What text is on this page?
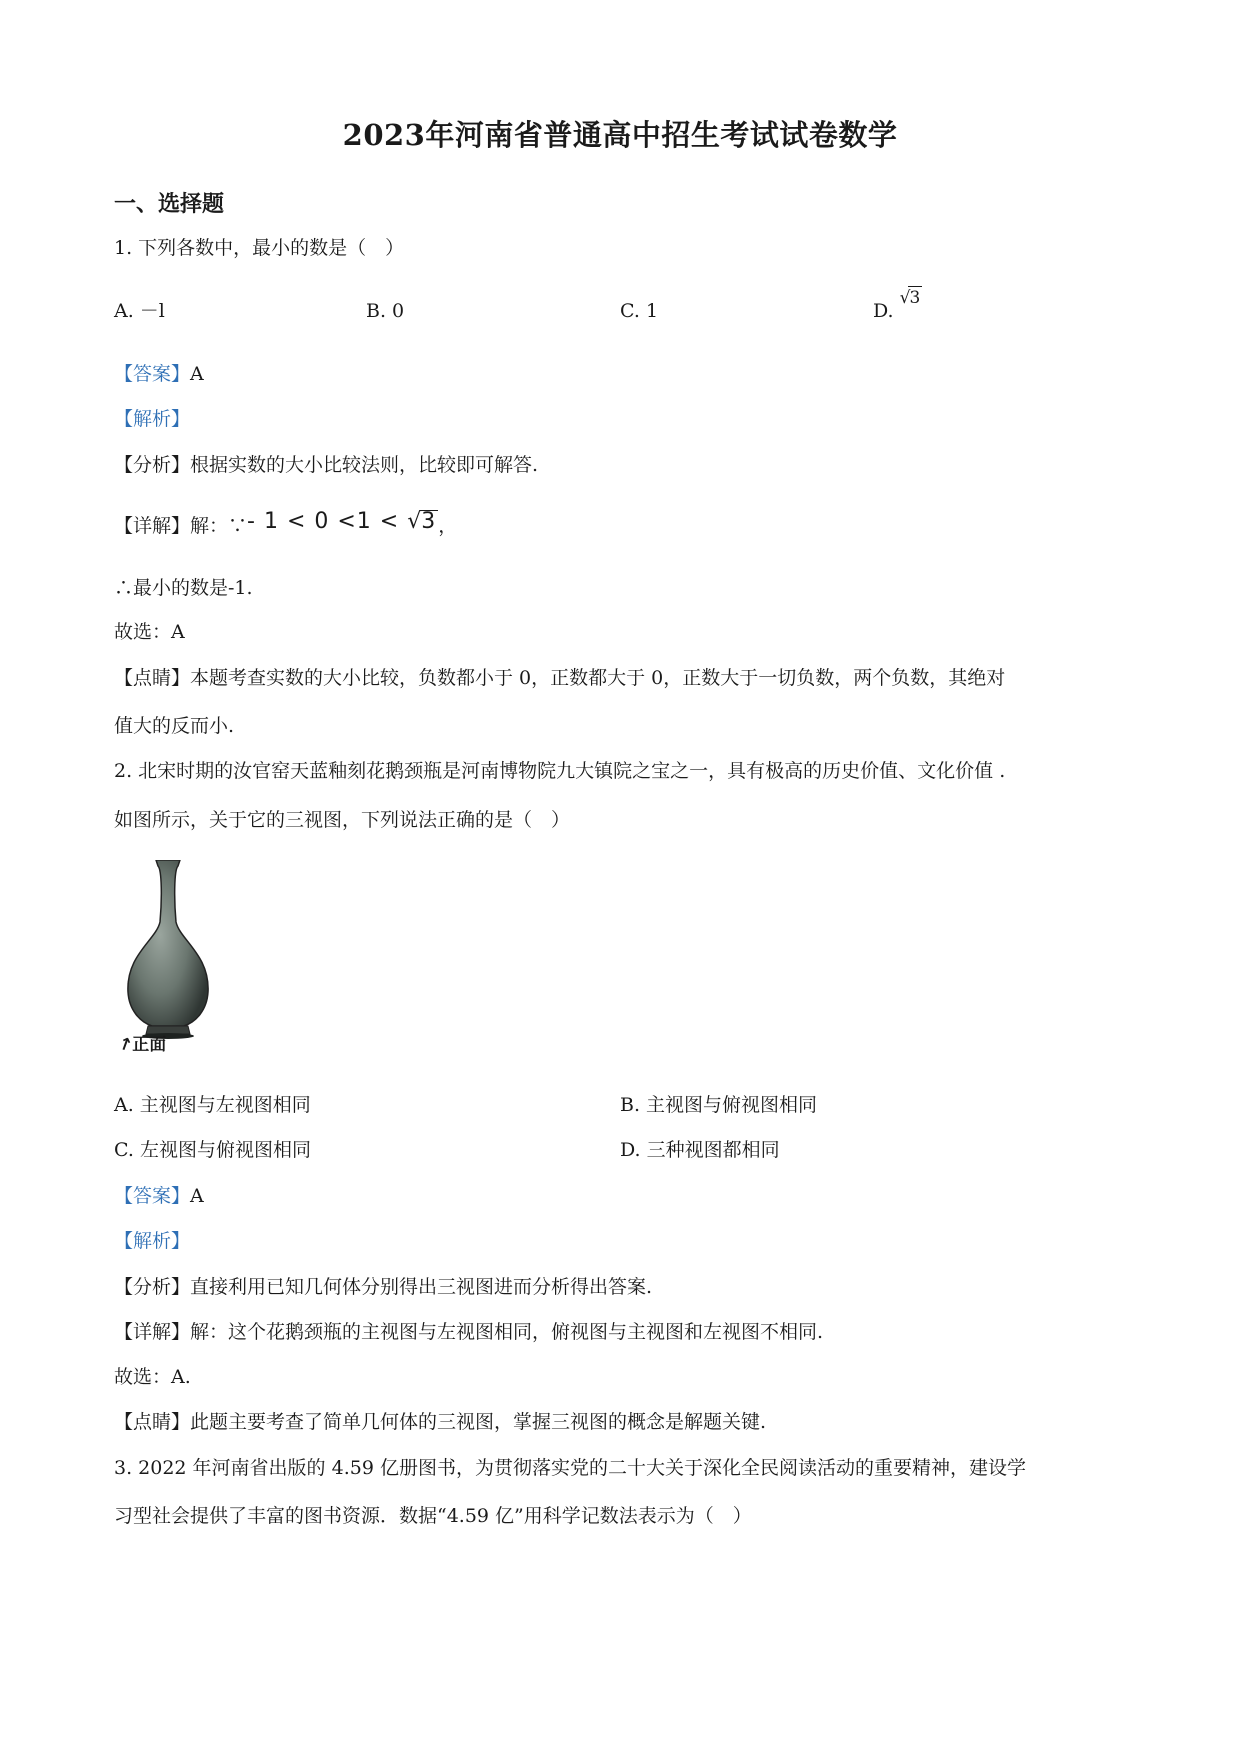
2023年河南省普通高中招生考试试卷数学
一、选择题
1. 下列各数中，最小的数是（　）
A. －l	B. 0	C. 1	D. √3
【答案】A
【解析】
【分析】根据实数的大小比较法则，比较即可解答.
【详解】解：∵- 1 < 0 <1 < √3 ，
∴最小的数是-1.
故选：A
【点睛】本题考查实数的大小比较，负数都小于 0，正数都大于 0，正数大于一切负数，两个负数，其绝对
值大的反而小.
2. 北宋时期的汝官窑天蓝釉刻花鹅颈瓶是河南博物院九大镇院之宝之一，具有极高的历史价值、文化价值 .
如图所示，关于它的三视图，下列说法正确的是（　）
↑正面
A. 主视图与左视图相同	B. 主视图与俯视图相同
C. 左视图与俯视图相同	D. 三种视图都相同
【答案】A
【解析】
【分析】直接利用已知几何体分别得出三视图进而分析得出答案.
【详解】解：这个花鹅颈瓶的主视图与左视图相同，俯视图与主视图和左视图不相同.
故选：A.
【点睛】此题主要考查了简单几何体的三视图，掌握三视图的概念是解题关键.
3. 2022 年河南省出版的 4.59 亿册图书，为贯彻落实党的二十大关于深化全民阅读活动的重要精神，建设学
习型社会提供了丰富的图书资源．数据“4.59 亿”用科学记数法表示为（　）
